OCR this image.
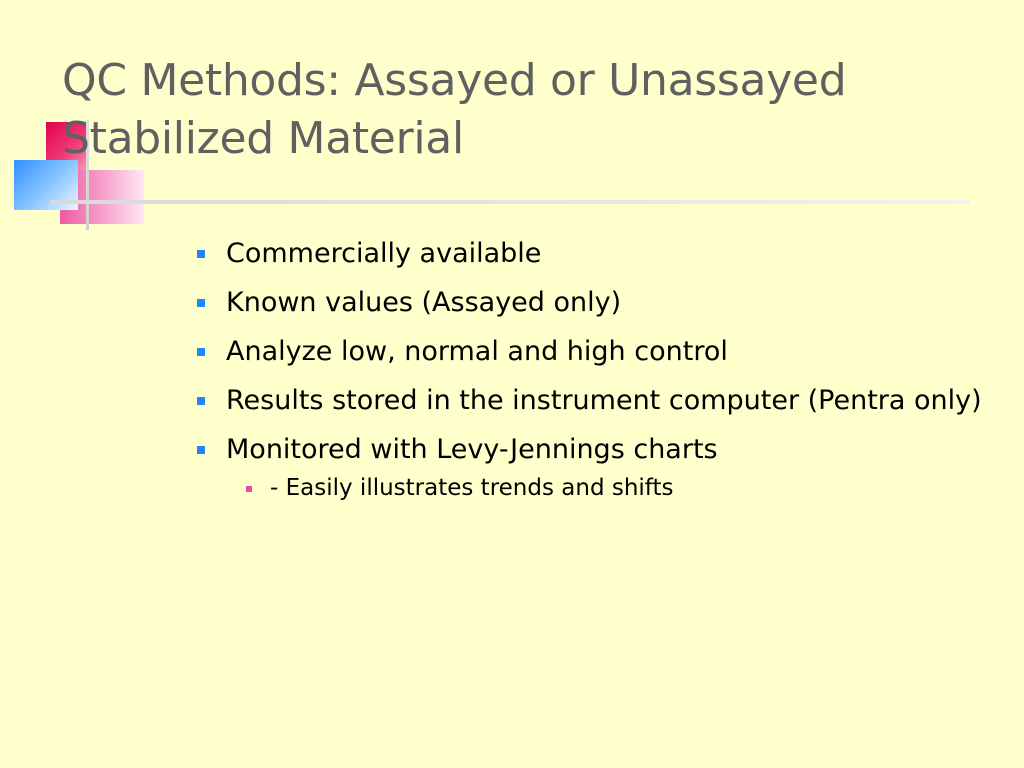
QC Methods: Assayed or Unassayed Stabilized Material
Commercially available
Known values (Assayed only)
Analyze low, normal and high control
Results stored in the instrument computer (Pentra only)
Monitored with Levy-Jennings charts
- Easily illustrates trends and shifts
